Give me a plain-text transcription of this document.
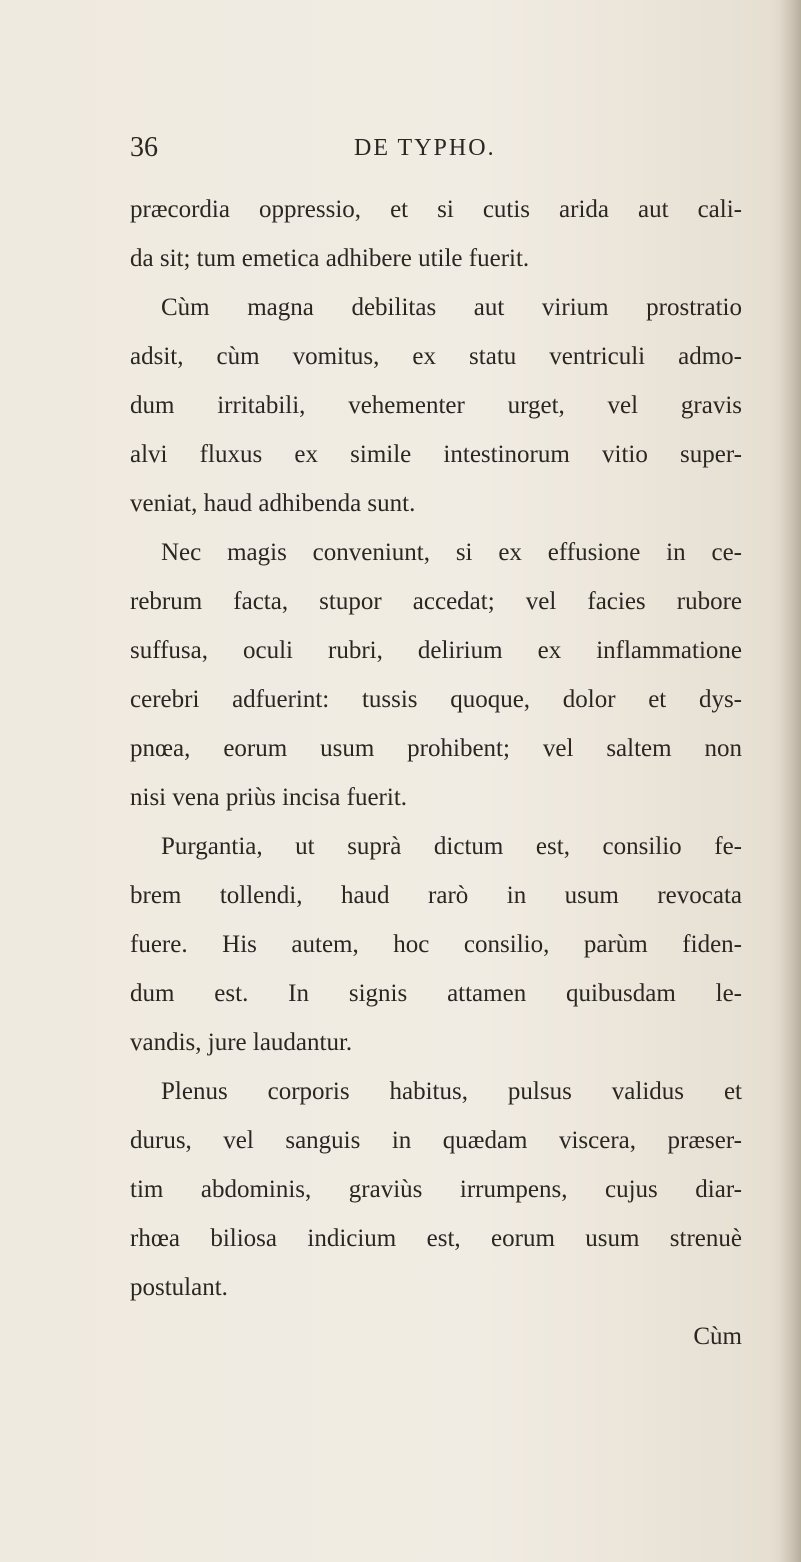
36	DE TYPHO.
præcordia oppressio, et si cutis arida aut cali-
da sit; tum emetica adhibere utile fuerit.
Cùm magna debilitas aut virium prostratio
adsit, cùm vomitus, ex statu ventriculi admo-
dum irritabili, vehementer urget, vel gravis
alvi fluxus ex simile intestinorum vitio super-
veniat, haud adhibenda sunt.
Nec magis conveniunt, si ex effusione in ce-
rebrum facta, stupor accedat; vel facies rubore
suffusa, oculi rubri, delirium ex inflammatione
cerebri adfuerint: tussis quoque, dolor et dys-
pnœa, eorum usum prohibent; vel saltem non
nisi vena priùs incisa fuerit.
Purgantia, ut suprà dictum est, consilio fe-
brem tollendi, haud rarò in usum revocata
fuere. His autem, hoc consilio, parùm fiden-
dum est. In signis attamen quibusdam le-
vandis, jure laudantur.
Plenus corporis habitus, pulsus validus et
durus, vel sanguis in quædam viscera, præser-
tim abdominis, graviùs irrumpens, cujus diar-
rhœa biliosa indicium est, eorum usum strenuè
postulant.
Cùm
